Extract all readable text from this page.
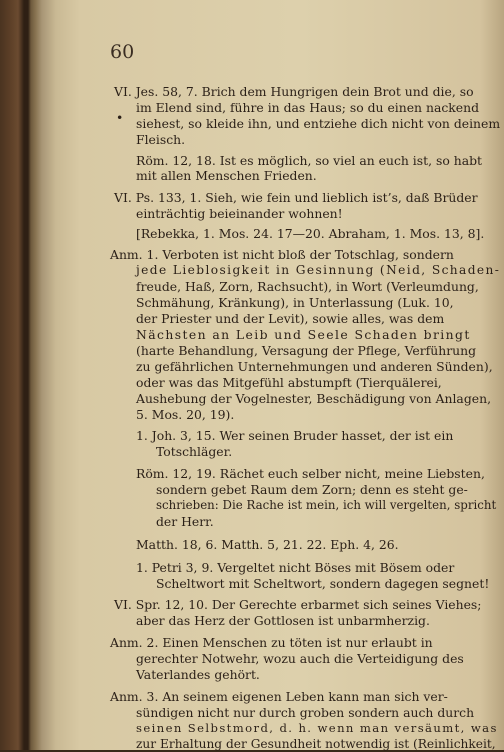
60
VI. Jes. 58, 7. Brich dem Hungrigen dein Brot und die, so
im Elend sind, führe in das Haus; so du einen nackend
• siehest, so kleide ihn, und entziehe dich nicht von deinem
Fleisch.
Röm. 12, 18. Ist es möglich, so viel an euch ist, so habt
mit allen Menschen Frieden.
VI. Ps. 133, 1. Sieh, wie fein und lieblich ist’s, daß Brüder
einträchtig beieinander wohnen!
[Rebekka, 1. Mos. 24. 17—20. Abraham, 1. Mos. 13, 8].
Anm. 1. Verboten ist nicht bloß der Totschlag, sondern
jede Lieblosigkeit in Gesinnung (Neid, Schaden-
freude, Haß, Zorn, Rachsucht), in Wort (Verleumdung,
Schmähung, Kränkung), in Unterlassung (Luk. 10,
der Priester und der Levit), sowie alles, was dem
Nächsten an Leib und Seele Schaden bringt
(harte Behandlung, Versagung der Pflege, Verführung
zu gefährlichen Unternehmungen und anderen Sünden),
oder was das Mitgefühl abstumpft (Tierquälerei,
Aushebung der Vogelnester, Beschädigung von Anlagen,
5. Mos. 20, 19).
1. Joh. 3, 15. Wer seinen Bruder hasset, der ist ein
Totschläger.
Röm. 12, 19. Rächet euch selber nicht, meine Liebsten,
sondern gebet Raum dem Zorn; denn es steht ge-
schrieben: Die Rache ist mein, ich will vergelten, spricht
der Herr.
Matth. 18, 6. Matth. 5, 21. 22. Eph. 4, 26.
1. Petri 3, 9. Vergeltet nicht Böses mit Bösem oder
Scheltwort mit Scheltwort, sondern dagegen segnet!
VI. Spr. 12, 10. Der Gerechte erbarmet sich seines Viehes;
aber das Herz der Gottlosen ist unbarmherzig.
Anm. 2. Einen Menschen zu töten ist nur erlaubt in
gerechter Notwehr, wozu auch die Verteidigung des
Vaterlandes gehört.
Anm. 3. An seinem eigenen Leben kann man sich ver-
sündigen nicht nur durch groben sondern auch durch
seinen Selbstmord, d. h. wenn man versäumt, was
zur Erhaltung der Gesundheit notwendig ist (Reinlichkeit,
